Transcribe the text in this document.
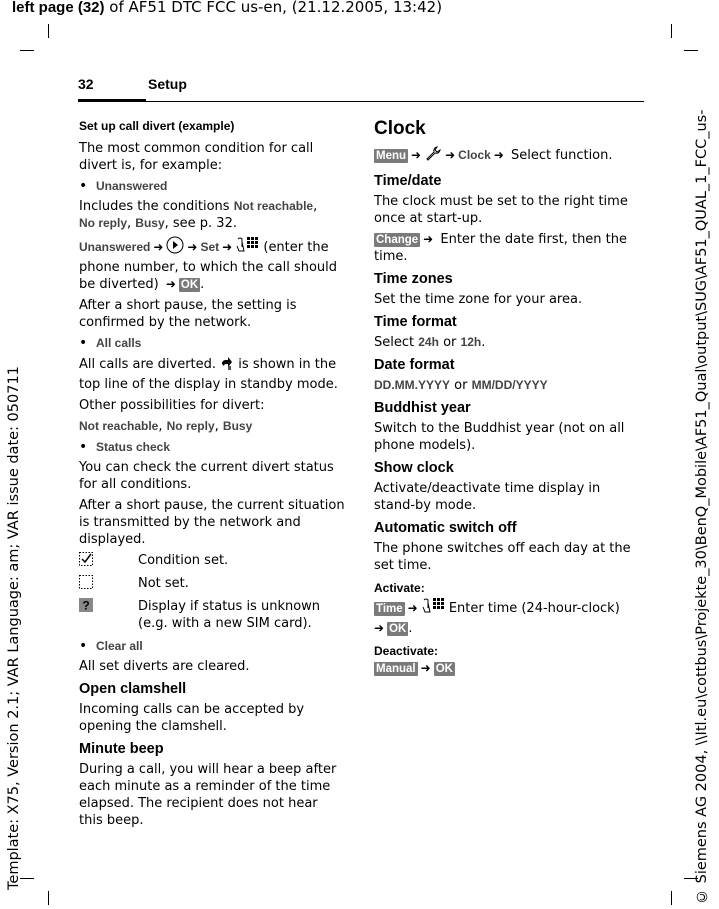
left page (32) of AF51 DTC FCC us-en, (21.12.2005, 13:42)
Template: X75, Version 2.1; VAR Language: am; VAR issue date: 050711	© Siemens AG 2004, \\Itl.eu\cottbus\Projekte_30\BenQ_Mobile\AF51_Qual\output\SUG\AF51_QUAL_1_FCC_us-
32	Setup
Set up call divert (example)

The most common condition for call divert is, for example:

• Unanswered

Includes the conditions Not reachable,
No reply, Busy, see p. 32.

Unanswered ➜ ➜ Set ➜ (enter the phone number, to which the call should be diverted) ➜ OK .

After a short pause, the setting is confirmed by the network.

• All calls

All calls are diverted.  is shown in the top line of the display in standby mode.

Other possibilities for divert:

Not reachable, No reply, Busy

• Status check

You can check the current divert status for all conditions.

After a short pause, the current situation is transmitted by the network and displayed.

Condition set.
Not set.
?	Display if status is unknown (e.g. with a new SIM card).
• Clear all

All set diverts are cleared.

Open clamshell

Incoming calls can be accepted by opening the clamshell.

Minute beep

During a call, you will hear a beep after each minute as a reminder of the time elapsed. The recipient does not hear this beep.

Clock

Menu ➜ ➜ Clock ➜ Select function.

Time/date

The clock must be set to the right time once at start-up.

Change ➜ Enter the date first, then the time.

Time zones

Set the time zone for your area.

Time format

Select 24h or 12h.

Date format

DD.MM.YYYY or MM/DD/YYYY

Buddhist year

Switch to the Buddhist year (not on all phone models).

Show clock

Activate/deactivate time display in stand-by mode.

Automatic switch off

The phone switches off each day at the set time.

Activate:

Time ➜ Enter time (24-hour-clock)
➜ OK .

Deactivate:

Manual ➜ OK
